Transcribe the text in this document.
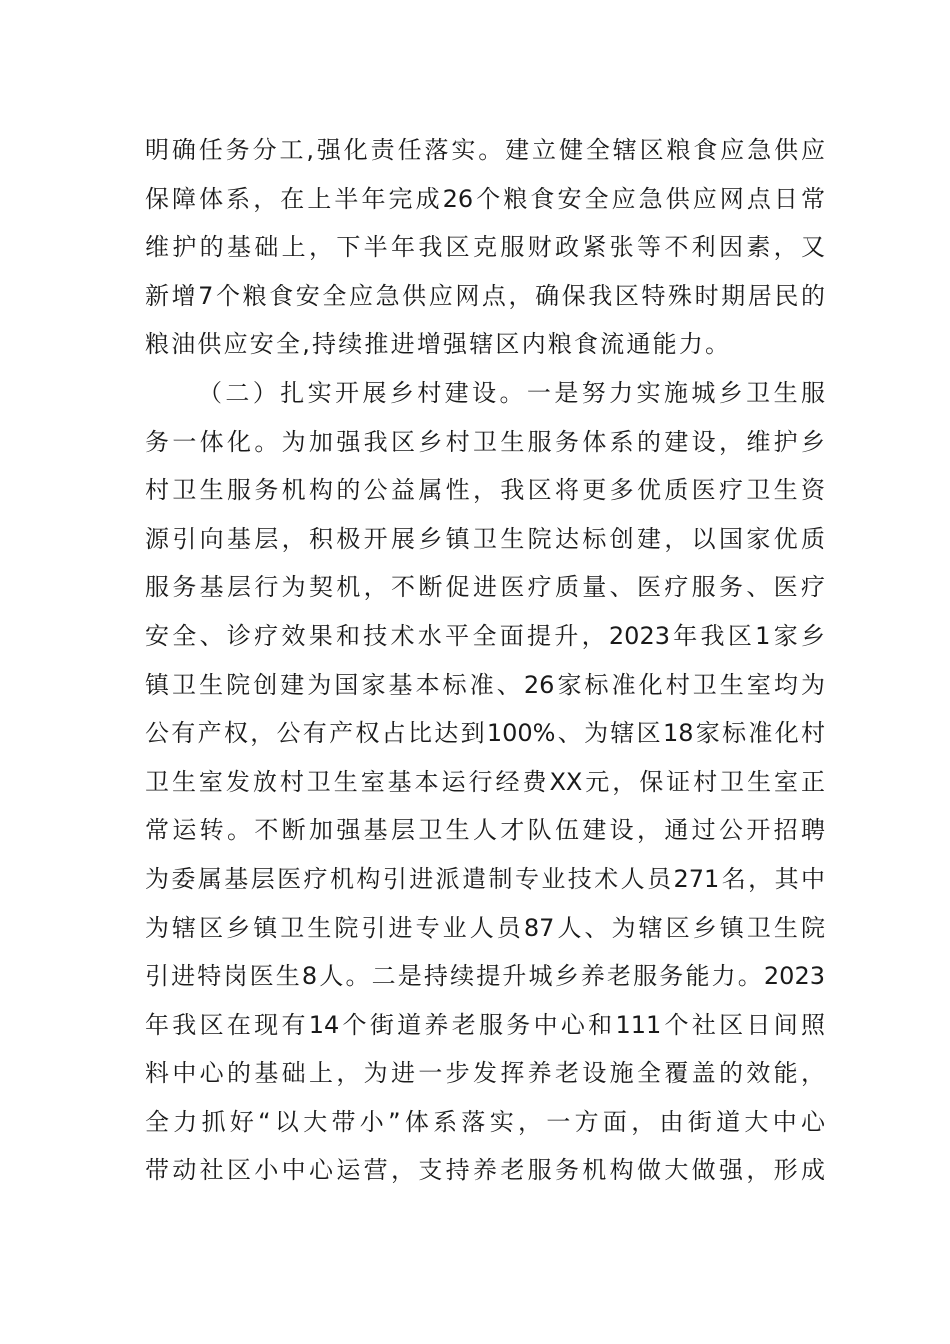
明确任务分工,强化责任落实。建立健全辖区粮食应急供应
保障体系，在上半年完成26个粮食安全应急供应网点日常
维护的基础上，下半年我区克服财政紧张等不利因素，又
新增7个粮食安全应急供应网点，确保我区特殊时期居民的
粮油供应安全,持续推进增强辖区内粮食流通能力。
（二）扎实开展乡村建设。一是努力实施城乡卫生服
务一体化。为加强我区乡村卫生服务体系的建设，维护乡
村卫生服务机构的公益属性，我区将更多优质医疗卫生资
源引向基层，积极开展乡镇卫生院达标创建，以国家优质
服务基层行为契机，不断促进医疗质量、医疗服务、医疗
安全、诊疗效果和技术水平全面提升，2023年我区1家乡
镇卫生院创建为国家基本标准、26家标准化村卫生室均为
公有产权，公有产权占比达到100%、为辖区18家标准化村
卫生室发放村卫生室基本运行经费XX元，保证村卫生室正
常运转。不断加强基层卫生人才队伍建设，通过公开招聘
为委属基层医疗机构引进派遣制专业技术人员271名，其中
为辖区乡镇卫生院引进专业人员87人、为辖区乡镇卫生院
引进特岗医生8人。二是持续提升城乡养老服务能力。2023
年我区在现有14个街道养老服务中心和111个社区日间照
料中心的基础上，为进一步发挥养老设施全覆盖的效能，
全力抓好“以大带小”体系落实，一方面，由街道大中心
带动社区小中心运营，支持养老服务机构做大做强，形成
